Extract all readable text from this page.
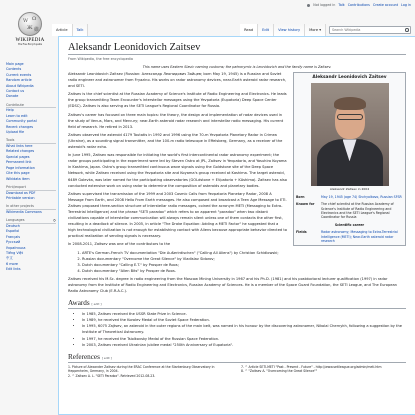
Not logged in Talk Contributions Create account Log in
W Ω
Ж 維
WIKIPEDIA
The Free Encyclopedia
Article	Talk	Read	Edit	View history	More ▾
Search Wikipedia
Main page
Contents
Current events
Random article
About Wikipedia
Contact us
Donate
Contribute
Help
Learn to edit
Community portal
Recent changes
Upload file
Tools
What links here
Related changes
Special pages
Permanent link
Page information
Cite this page
Wikidata item
Print/export
Download as PDF
Printable version
In other projects
Wikimedia Commons
Languages
Deutsch
Español
Français
Русский
Українська
Tiếng Việt
中文
6 more
Edit links
Aleksandr Leonidovich Zaitsev
From Wikipedia, the free encyclopedia
This name uses Eastern Slavic naming customs; the patronymic is Leonidovich and the family name is Zaitsev.
Aleksandr Leonidovich Zaitsev
Aleksandr Zaitsev in 2004
Born	May 19, 1945 (age 74) Shchyolkovo, Russian SFSR
Known for	The chief scientist at the Russian Academy of Science's Institute of Radio Engineering and Electronics and the SETI League's Regional Coordinator for Russia
Scientific career
Fields	Radar astronomy; Messaging to Extra-Terrestrial Intelligence (METI); Near-Earth asteroid radar research

Aleksandr Leonidovich Zaitsev (Russian: Александр Леонидович Зайцев; born May 19, 1945) is a Russian and Soviet radio engineer and astronomer from Fryazino. His works on radar astronomy devices, near-Earth asteroid radar research, and SETI.

Zaitsev is the chief scientist at the Russian Academy of Science's Institute of Radio Engineering and Electronics. He leads the group transmitting Team Encounter's interstellar messages using the Yevpatoria (Eupatoria) Deep Space Center (EDSC). Zaitsev is also serving as the SETI League's Regional Coordinator for Russia.

Zaitsev's career has focused on three main topics: the theory, the design and implementation of radar devices used in the study of Venus, Mars, and Mercury; near-Earth asteroid radar research and interstellar radio messaging. His current field of research. He retired in 2013.

Zaitsev observed the asteroid 4179 Toutatis in 1992 and 1996 using the 70-m Yevpatoria Planetary Radar in Crimea (Ukraine), as a sounding signal transmitter, and the 100-m radio telescope in Effelsberg, Germany, as a receiver of the asteroid's radar echo.

In June 1995, Zaitsev was responsible for initiating the world's first intercontinental radar astronomy experiment; the radar groups participating in the experiment were led by Steven Ostro at JPL, Zaitsev in Yevpatoria, and Yasuhiro Koyama in Kashima, Japan. Ostro's group transmitted continuous wave signals using the Goldstone site of the Deep Space Network, while Zaitsev received using the Yevpatoria site and Koyama's group received at Kashima. The target asteroid, 6489 Golevka, was later named for the participating observatories (GOLdstone + EVpatoria + KAshima). Zaitsev has also conducted extensive work on using radar to determine the composition of asteroids and planetary bodies.

Zaitsev supervised the transmission of the 1999 and 2003 Cosmic Calls from Yevpatoria Planetary Radar, 2008 A Message From Earth, and 2008 Hello From Earth messages. He also composed and broadcast a Teen Age Message to ETI. Zaitsev proposed three-section structure of interstellar radio messages, coined the acronym METI (Messaging to Extra-Terrestrial Intelligence) and the phrase "SETI paradox" which refers to an apparent "paradox" when two distant civilizations capable of interstellar communication will always remain silent unless one of them contacts the other first, resulting in a deadlock of silence. In 2005, in article "The Drake Equation: Adding a METI Factor" he suggested that a high technological civilization is not enough for establishing contact with Aliens because appropriate behavior directed to practical realization of sending signals is necessary.

In 2008-2011, Zaitsev was one of the contributors to the

1. ARTE's German-French TV documentation "Die Außerirdischen" ("Calling All Aliens") by Christian Schidlowski;
2. Russian documentary "Overcome the Great Silence" by Vladislav Sidorov;
3. Dutch documentary "Calling E.T." by Prosper de Roos;
4. Dutch documentary "Alien Bits" by Prosper de Roos.

Zaitsev received his M.Sc. degree in radio engineering from the Moscow Mining University in 1967 and his Ph.D. (1981) and his postdoctoral lecturer qualification (1997) in radar astronomy from the Institute of Radio Engineering and Electronics, Russian Academy of Sciences. He is a member of the Space Guard Foundation, the SETI League, and The European Radio Astronomy Club (E.R.A.C.).

Awards [ edit ]
• In 1985, Zaitsev received the USSR State Prize in Science.
• In 1989, he received the Korolev Medal of the Soviet Space Federation.
• In 1995, 6075 Zajtsev, an asteroid in the outer regions of the main belt, was named in his honour by the discovering astronomer, Nikolai Chernykh, following a suggestion by the Institute of Theoretical Astronomy.
• In 1997, he received the Tsiolkovsky Medal of the Russian Space Federation.
• In 2003, Zaitsev received Ukrainian jubilee medal "250th Anniversary of Eupatoria".
References [ edit ]
1. Picture of Alexander Zaitsev during the ERAC Conference at the Starkenburg Observatory in Heppenheim, Germany, in 2004.
2. ^ Zaitsev A. L. "SETI Paradox". Retrieved 2012-08-23.
7. ^ Article SETI-METI "Past - Present - Future" - http://www.setileague.org/admin/meti.htm
8. ^ "Zaitsev A. "Overcoming the Great Silence""
